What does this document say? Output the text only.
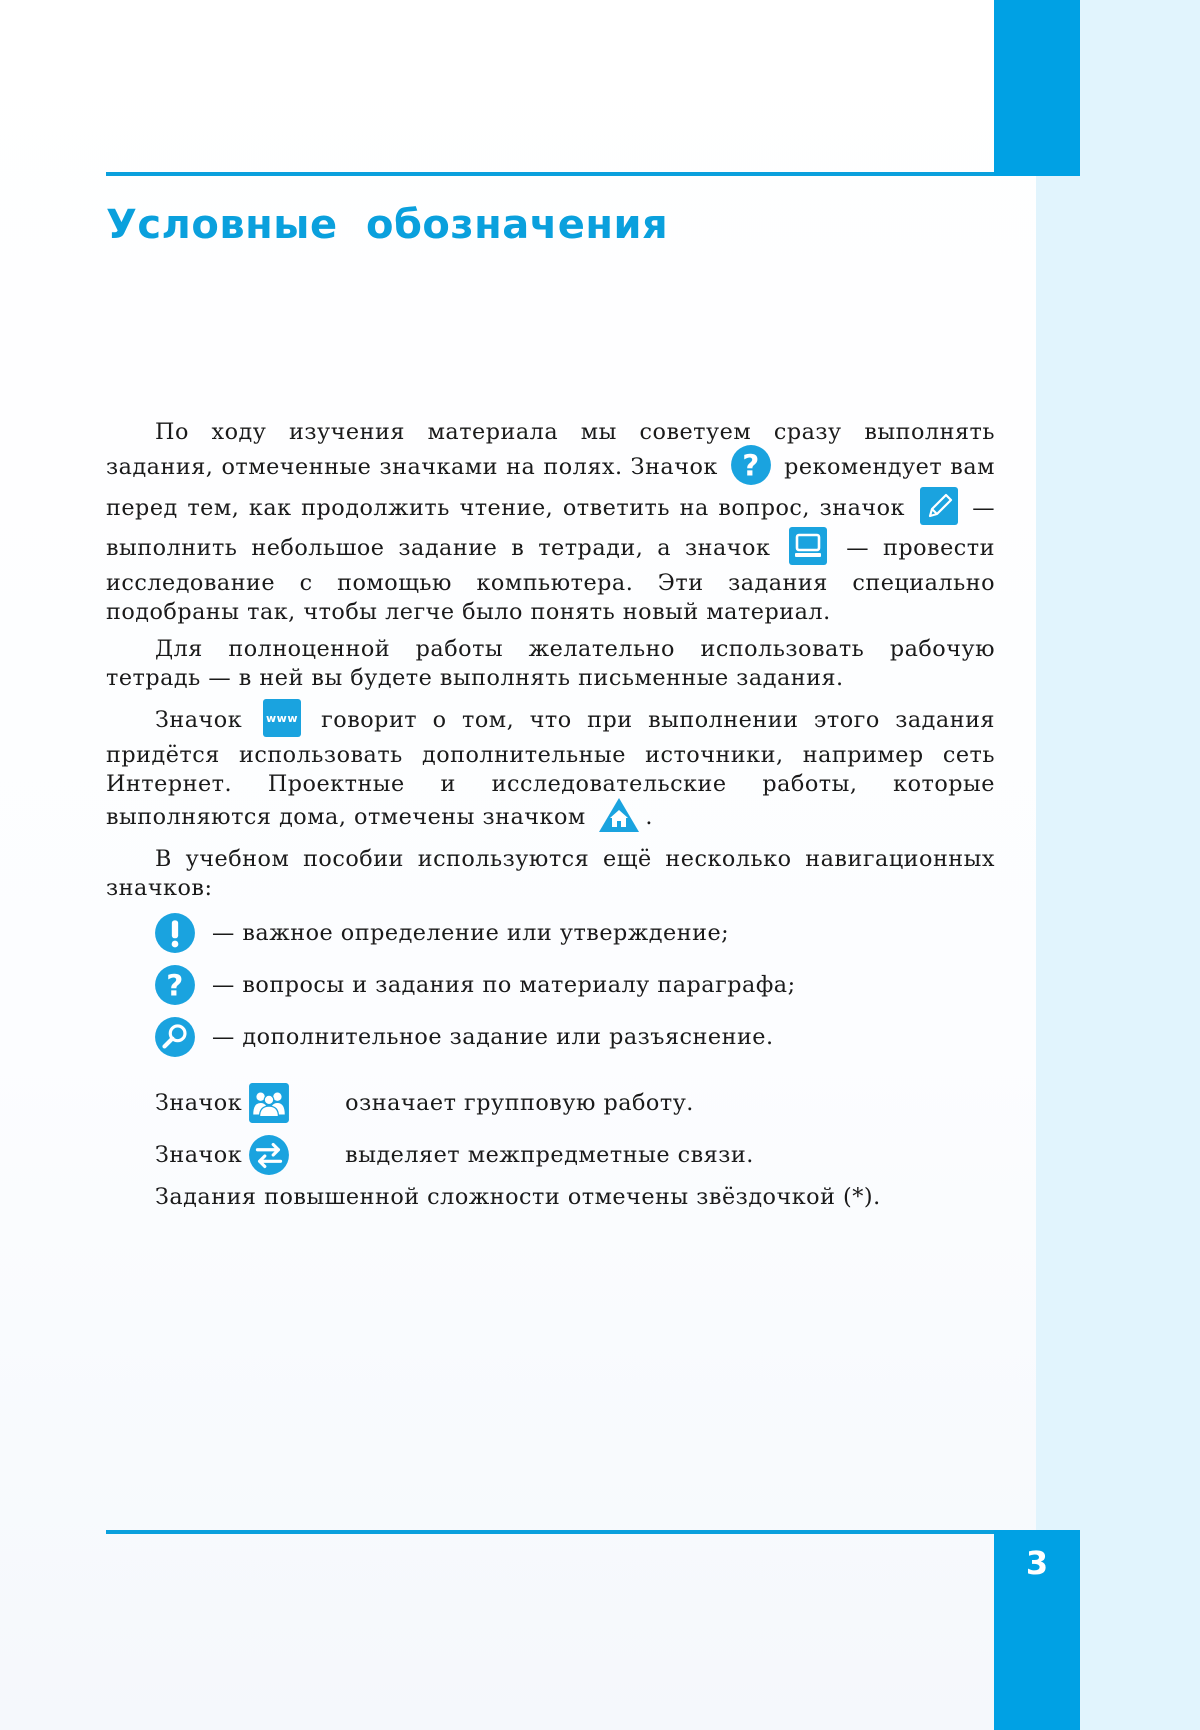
Условные обозначения

По ходу изучения материала мы советуем сразу выполнять задания, отмеченные значками на полях. Значок ? рекомендует вам перед тем, как продолжить чтение, ответить на вопрос, значок	— выполнить небольшое задание в тетради, а значок	— провести исследование с помощью компьютера. Эти задания специально подобраны так, чтобы легче было понять новый материал.

Для полноценной работы желательно использовать рабочую тетрадь — в ней вы будете выполнять письменные задания.

Значок www говорит о том, что при выполнении этого задания придётся использовать дополнительные источники, например сеть Интернет. Проектные и исследовательские работы, которые выполняются дома, отмечены значком	.

В учебном пособии используются ещё несколько навигационных значков:

— важное определение или утверждение;
? — вопросы и задания по материалу параграфа;
— дополнительное задание или разъяснение.

Значок	означает групповую работу.

Значок	выделяет межпредметные связи.

Задания повышенной сложности отмечены звёздочкой (*).

3
